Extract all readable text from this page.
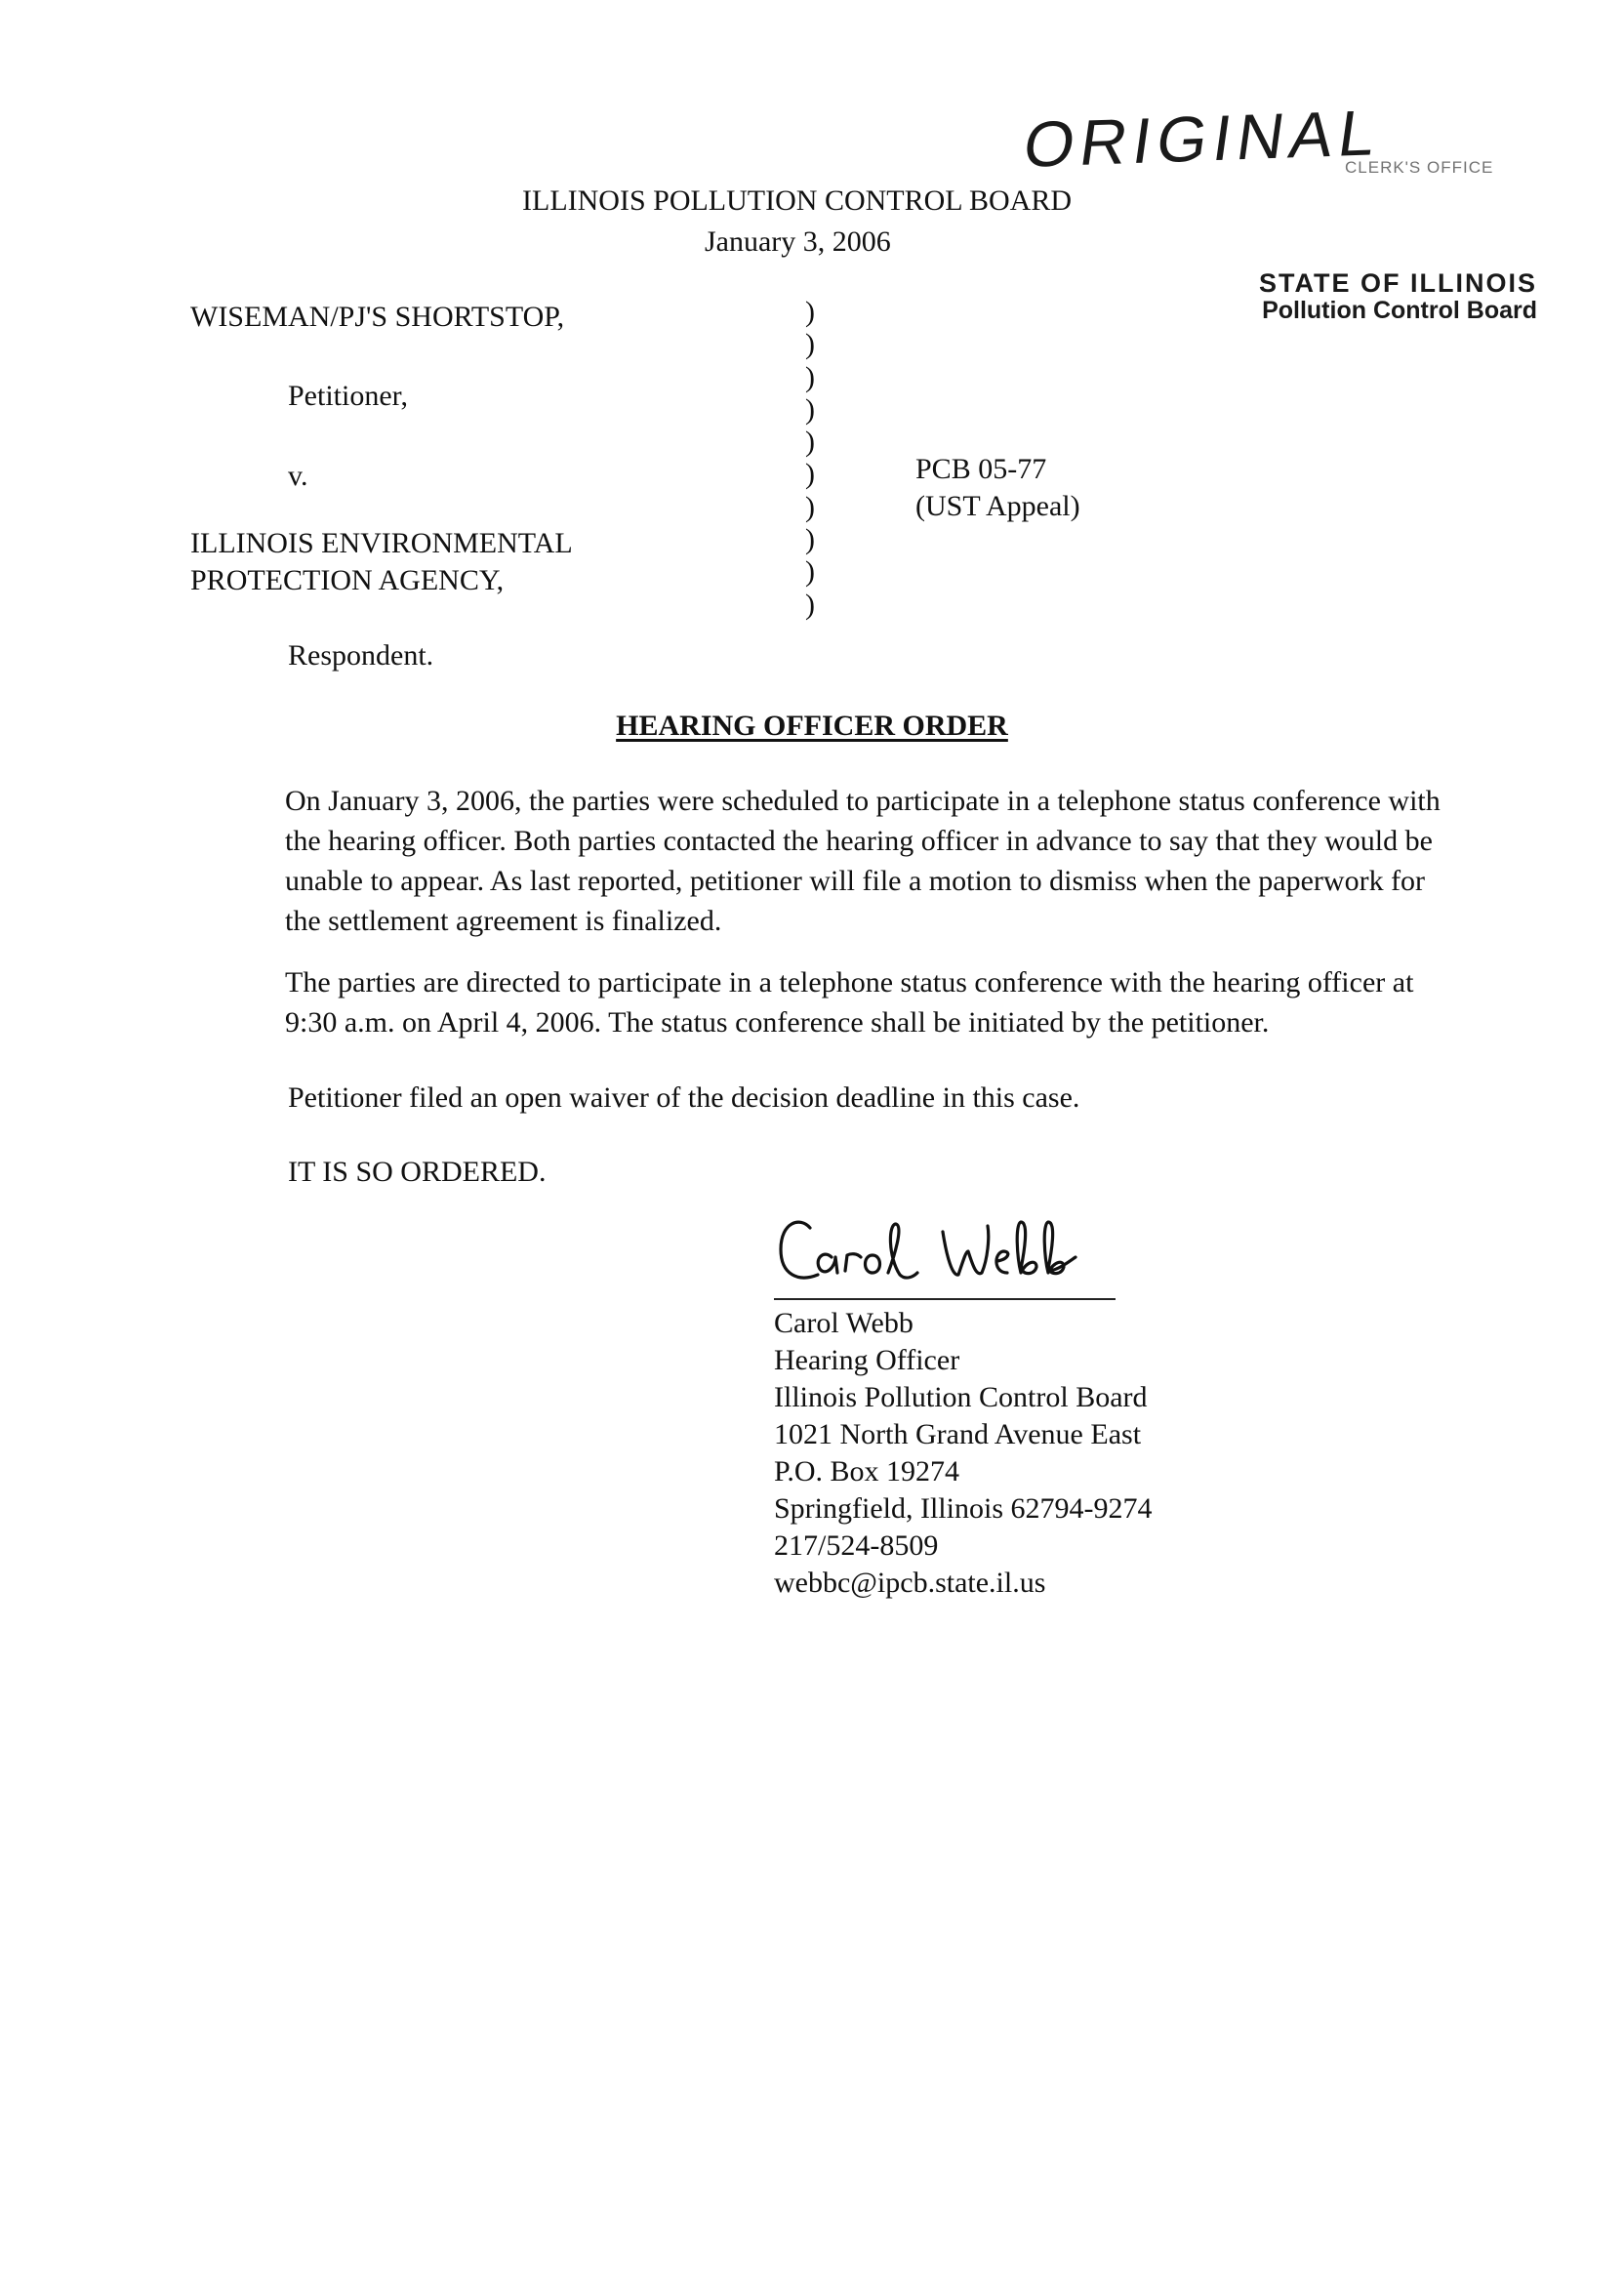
ORIGINAL
CLERK'S OFFICE
STATE OF ILLINOIS
Pollution Control Board
ILLINOIS POLLUTION CONTROL BOARD
January 3, 2006
WISEMAN/PJ'S SHORTSTOP,
Petitioner,
v.
ILLINOIS ENVIRONMENTAL
PROTECTION AGENCY,
Respondent.
)
)
)
)
)
)
)
)
)
)
PCB 05-77
(UST Appeal)
HEARING OFFICER ORDER

On January 3, 2006, the parties were scheduled to participate in a telephone status conference with the hearing officer. Both parties contacted the hearing officer in advance to say that they would be unable to appear. As last reported, petitioner will file a motion to dismiss when the paperwork for the settlement agreement is finalized.

The parties are directed to participate in a telephone status conference with the hearing officer at 9:30 a.m. on April 4, 2006. The status conference shall be initiated by the petitioner.

Petitioner filed an open waiver of the decision deadline in this case.
IT IS SO ORDERED.
Carol Webb
Hearing Officer
Illinois Pollution Control Board
1021 North Grand Avenue East
P.O. Box 19274
Springfield, Illinois 62794-9274
217/524-8509
webbc@ipcb.state.il.us
